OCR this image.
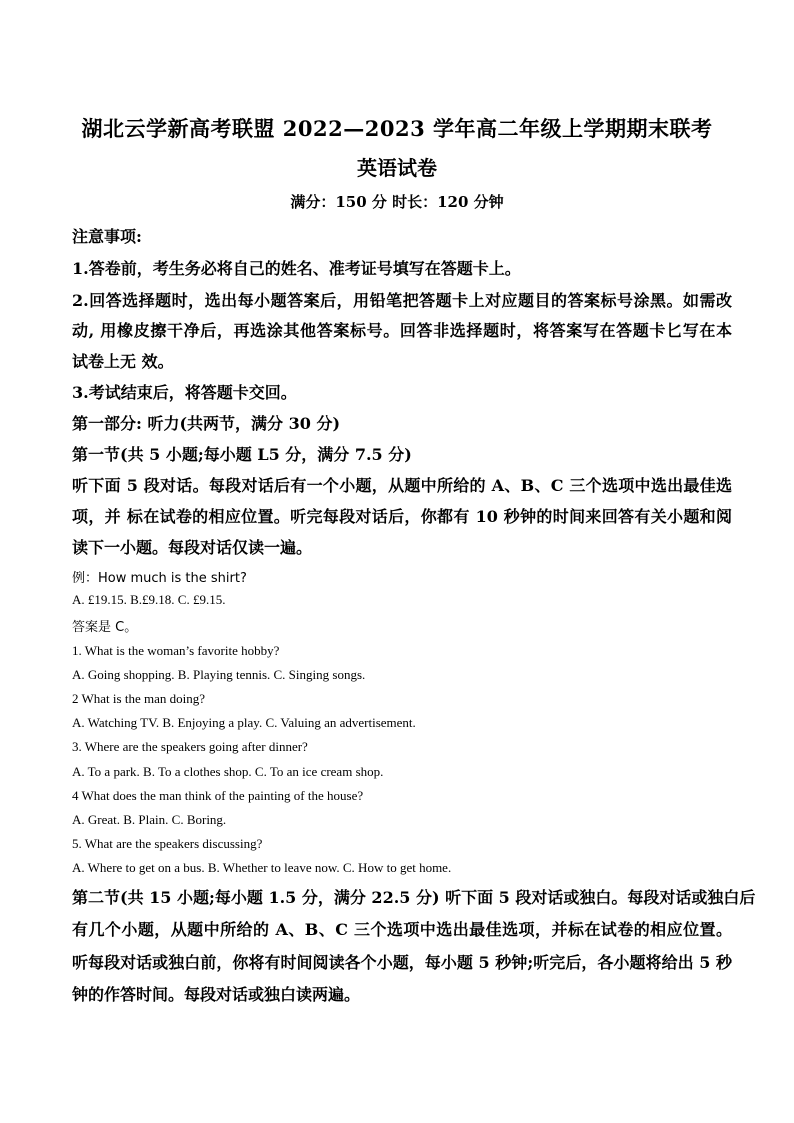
湖北云学新高考联盟 2022—2023 学年高二年级上学期期末联考
英语试卷
满分：150 分 时长：120 分钟
注意事项:
1.答卷前，考生务必将自己的姓名、准考证号填写在答题卡上。
2.回答选择题时，选出每小题答案后，用铅笔把答题卡上对应题目的答案标号涂黑。如需改
动, 用橡皮擦干净后，再选涂其他答案标号。回答非选择题时，将答案写在答题卡匕写在本
试卷上无 效。
3.考试结束后，将答题卡交回。
第一部分: 听力(共两节，满分 30 分)
第一节(共 5 小题;每小题 L5 分，满分 7.5 分)
听下面 5 段对话。每段对话后有一个小题，从题中所给的 A、B、C 三个选项中选出最佳选
项，并 标在试卷的相应位置。听完每段对话后，你都有 10 秒钟的时间来回答有关小题和阅
读下一小题。每段对话仅读一遍。
例：How much is the shirt?
A. £19.15. B.£9.18. C. £9.15.
答案是 C。
1. What is the woman’s favorite hobby?
A. Going shopping. B. Playing tennis. C. Singing songs.
2 What is the man doing?
A. Watching TV. B. Enjoying a play. C. Valuing an advertisement.
3. Where are the speakers going after dinner?
A. To a park. B. To a clothes shop. C. To an ice cream shop.
4 What does the man think of the painting of the house?
A. Great. B. Plain. C. Boring.
5. What are the speakers discussing?
A. Where to get on a bus. B. Whether to leave now. C. How to get home.
第二节(共 15 小题;每小题 1.5 分，满分 22.5 分) 听下面 5 段对话或独白。每段对话或独白后
有几个小题，从题中所给的 A、B、C 三个选项中选出最佳选项，并标在试卷的相应位置。
听每段对话或独白前，你将有时间阅读各个小题，每小题 5 秒钟;听完后，各小题将给出 5 秒
钟的作答时间。每段对话或独白读两遍。
